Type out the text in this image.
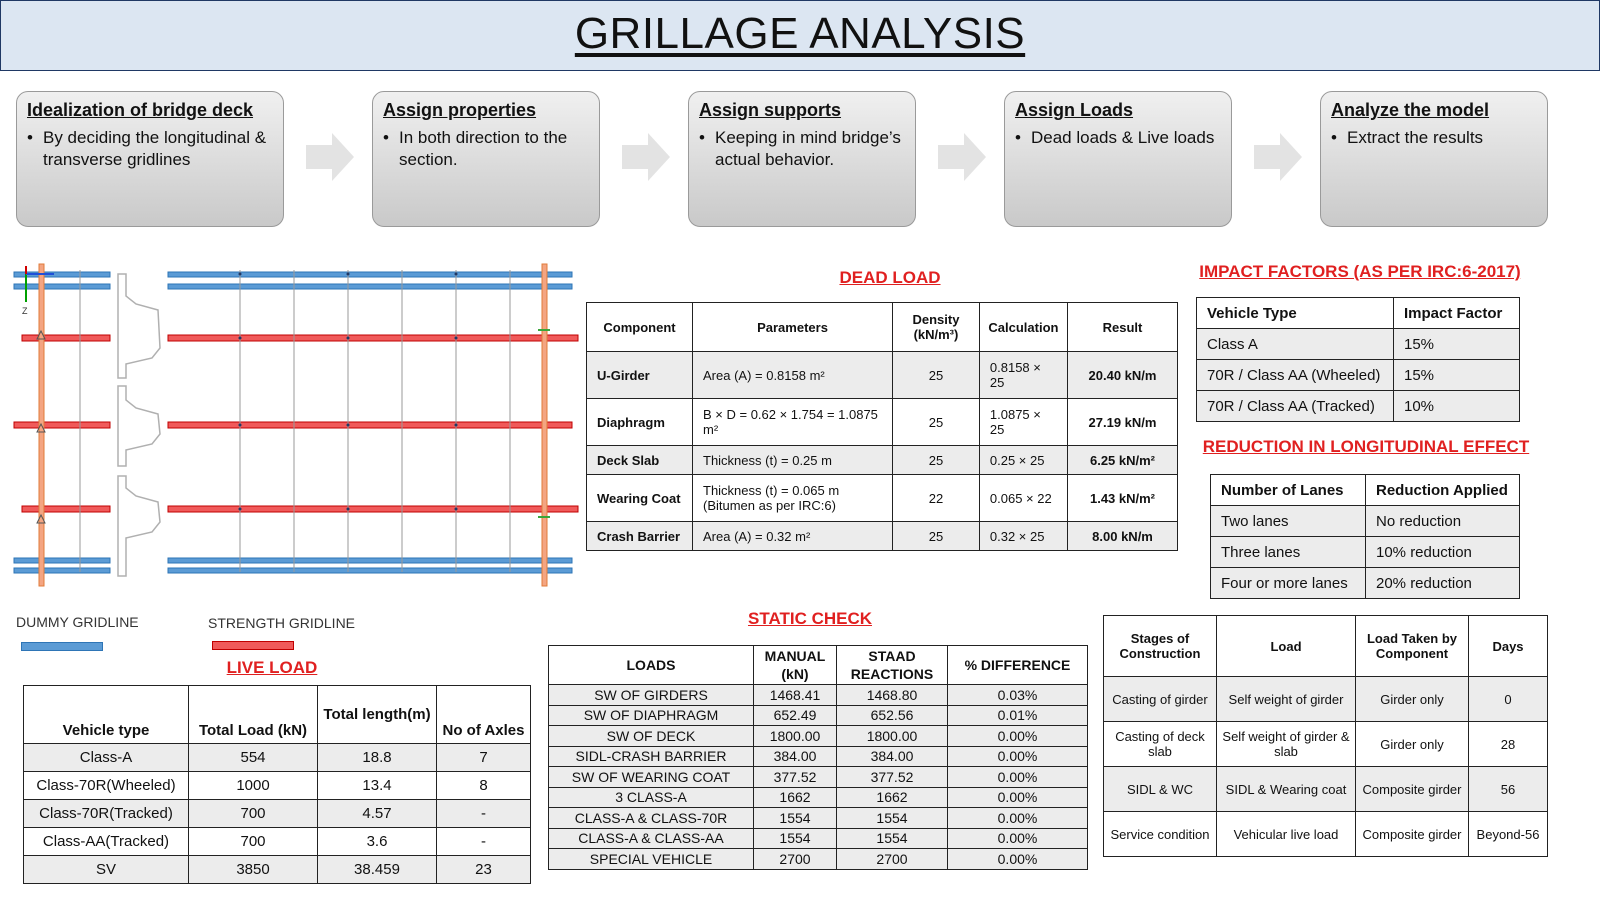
GRILLAGE ANALYSIS
Idealization of bridge deck
• By deciding the longitudinal & transverse gridlines
Assign properties
• In both direction to the section.
Assign supports
• Keeping in mind bridge’s actual behavior.
Assign Loads
• Dead loads & Live loads
Analyze the model
• Extract the results
Z
DUMMY GRIDLINE	STRENGTH GRIDLINE
DEAD LOAD
Component	Parameters	Density (kN/m³)	Calculation	Result
U-Girder	Area (A) = 0.8158 m²	25	0.8158 × 25	20.40 kN/m
Diaphragm	B × D = 0.62 × 1.754 = 1.0875 m²	25	1.0875 × 25	27.19 kN/m
Deck Slab	Thickness (t) = 0.25 m	25	0.25 × 25	6.25 kN/m²
Wearing Coat	Thickness (t) = 0.065 m (Bitumen as per IRC:6)	22	0.065 × 22	1.43 kN/m²
Crash Barrier	Area (A) = 0.32 m²	25	0.32 × 25	8.00 kN/m
IMPACT FACTORS (AS PER IRC:6-2017)
Vehicle Type	Impact Factor
Class A	15%
70R / Class AA (Wheeled)	15%
70R / Class AA (Tracked)	10%
REDUCTION IN LONGITUDINAL EFFECT
Number of Lanes	Reduction Applied
Two lanes	No reduction
Three lanes	10% reduction
Four or more lanes	20% reduction
LIVE LOAD
Vehicle type	Total Load (kN)	Total length(m)	No of Axles
Class-A	554	18.8	7
Class-70R(Wheeled)	1000	13.4	8
Class-70R(Tracked)	700	4.57	-
Class-AA(Tracked)	700	3.6	-
SV	3850	38.459	23
STATIC CHECK
LOADS	MANUAL (kN)	STAAD REACTIONS	% DIFFERENCE
SW OF GIRDERS	1468.41	1468.80	0.03%
SW OF DIAPHRAGM	652.49	652.56	0.01%
SW OF DECK	1800.00	1800.00	0.00%
SIDL-CRASH BARRIER	384.00	384.00	0.00%
SW OF WEARING COAT	377.52	377.52	0.00%
3 CLASS-A	1662	1662	0.00%
CLASS-A & CLASS-70R	1554	1554	0.00%
CLASS-A & CLASS-AA	1554	1554	0.00%
SPECIAL VEHICLE	2700	2700	0.00%
Stages of Construction	Load	Load Taken by Component	Days
Casting of girder	Self weight of girder	Girder only	0
Casting of deck slab	Self weight of girder & slab	Girder only	28
SIDL & WC	SIDL & Wearing coat	Composite girder	56
Service condition	Vehicular live load	Composite girder	Beyond-56
